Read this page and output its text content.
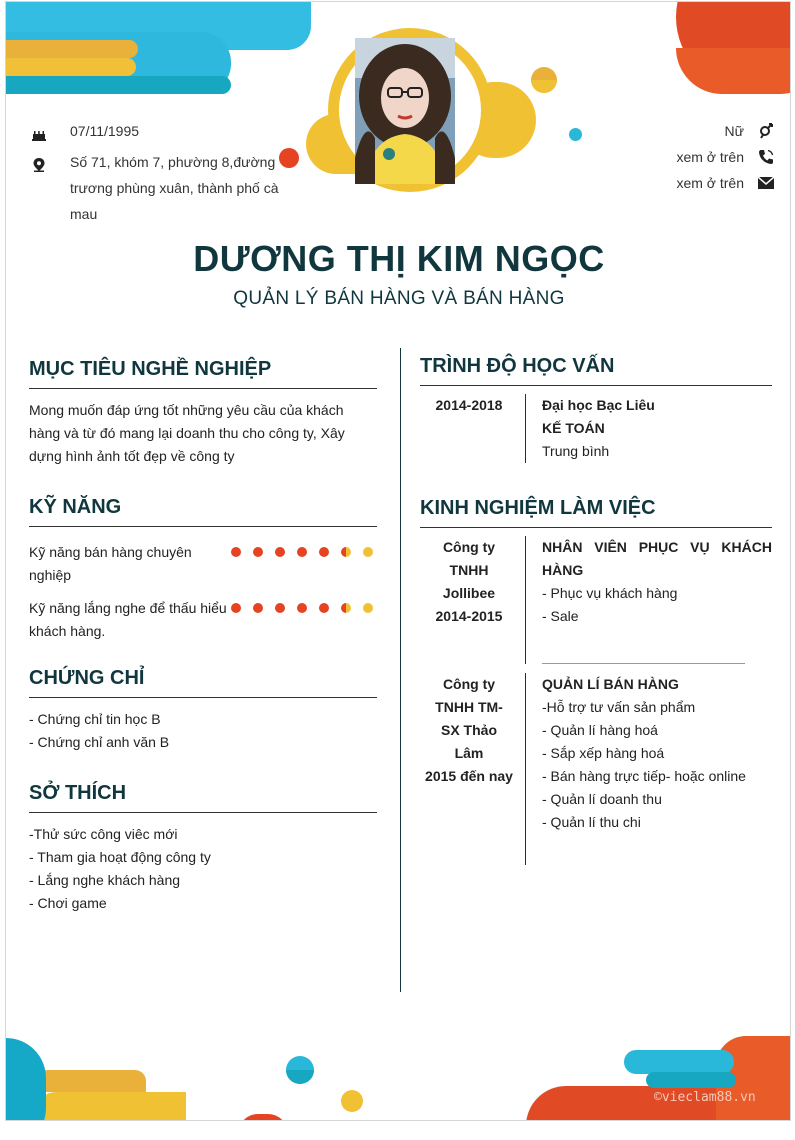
07/11/1995
Số 71, khóm 7, phường 8,đường trương phùng xuân, thành phố cà mau
Nữ
xem ở trên
xem ở trên
DƯƠNG THỊ KIM NGỌC
QUẢN LÝ BÁN HÀNG VÀ BÁN HÀNG
MỤC TIÊU NGHỀ NGHIỆP
Mong muốn đáp ứng tốt những yêu cầu của khách hàng và từ đó mang lại doanh thu cho công ty, Xây dựng hình ảnh tốt đẹp về công ty
KỸ NĂNG
Kỹ năng bán hàng chuyên nghiệp
Kỹ năng lắng nghe để thấu hiểu khách hàng.
CHỨNG CHỈ
- Chứng chỉ tin học B
- Chứng chỉ anh văn B
SỞ THÍCH
-Thử sức công viêc mới
- Tham gia hoạt động công ty
- Lắng nghe khách hàng
- Chơi game
TRÌNH ĐỘ HỌC VẤN
2014-2018	Đại học Bạc Liêu
KẾ TOÁN
Trung bình
KINH NGHIỆM LÀM VIỆC
Công ty TNHH Jollibee
2014-2015
NHÂN VIÊN PHỤC VỤ KHÁCH HÀNG
- Phục vụ khách hàng
- Sale
Công ty TNHH TM-SX Thảo Lâm
2015 đến nay
QUẢN LÍ BÁN HÀNG
-Hỗ trợ tư vấn sản phẩm
- Quản lí hàng hoá
- Sắp xếp hàng hoá
- Bán hàng trực tiếp- hoặc online
- Quản lí doanh thu
- Quản lí thu chi
©vieclam88.vn
